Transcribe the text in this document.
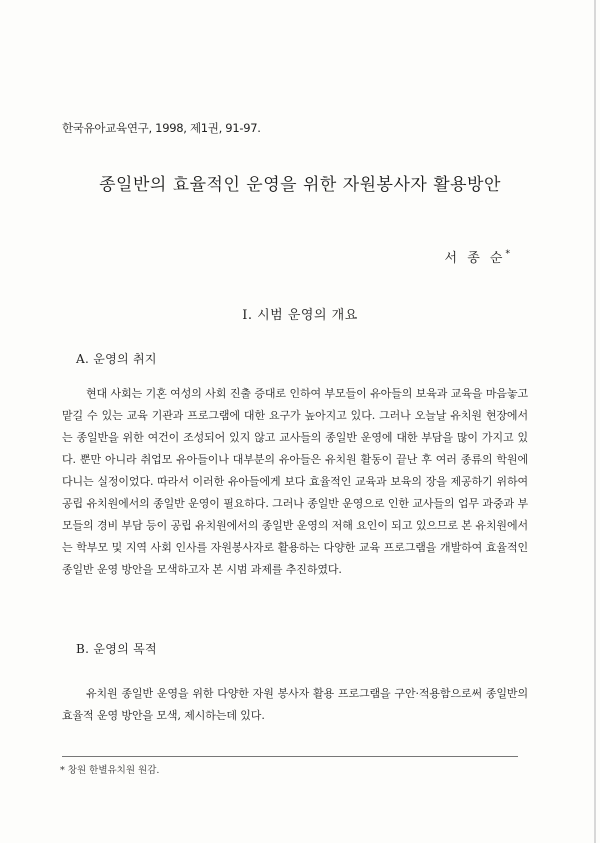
한국유아교육연구, 1998, 제1권, 91-97.
종일반의 효율적인 운영을 위한 자원봉사자 활용방안
서 종 순*
I. 시범 운영의 개요
A. 운영의 취지
현대 사회는 기혼 여성의 사회 진출 증대로 인하여 부모들이 유아들의 보육과 교육을 마음놓고 맡길 수 있는 교육 기관과 프로그램에 대한 요구가 높아지고 있다. 그러나 오늘날 유치원 현장에서는 종일반을 위한 여건이 조성되어 있지 않고 교사들의 종일반 운영에 대한 부담을 많이 가지고 있다. 뿐만 아니라 취업모 유아들이나 대부분의 유아들은 유치원 활동이 끝난 후 여러 종류의 학원에 다니는 실정이었다. 따라서 이러한 유아들에게 보다 효율적인 교육과 보육의 장을 제공하기 위하여 공립 유치원에서의 종일반 운영이 필요하다. 그러나 종일반 운영으로 인한 교사들의 업무 과중과 부모들의 경비 부담 등이 공립 유치원에서의 종일반 운영의 저해 요인이 되고 있으므로 본 유치원에서는 학부모 및 지역 사회 인사를 자원봉사자로 활용하는 다양한 교육 프로그램을 개발하여 효율적인 종일반 운영 방안을 모색하고자 본 시범 과제를 추진하였다.
B. 운영의 목적
유치원 종일반 운영을 위한 다양한 자원 봉사자 활용 프로그램을 구안·적용함으로써 종일반의 효율적 운영 방안을 모색, 제시하는데 있다.
* 창원 한별유치원 원감.
